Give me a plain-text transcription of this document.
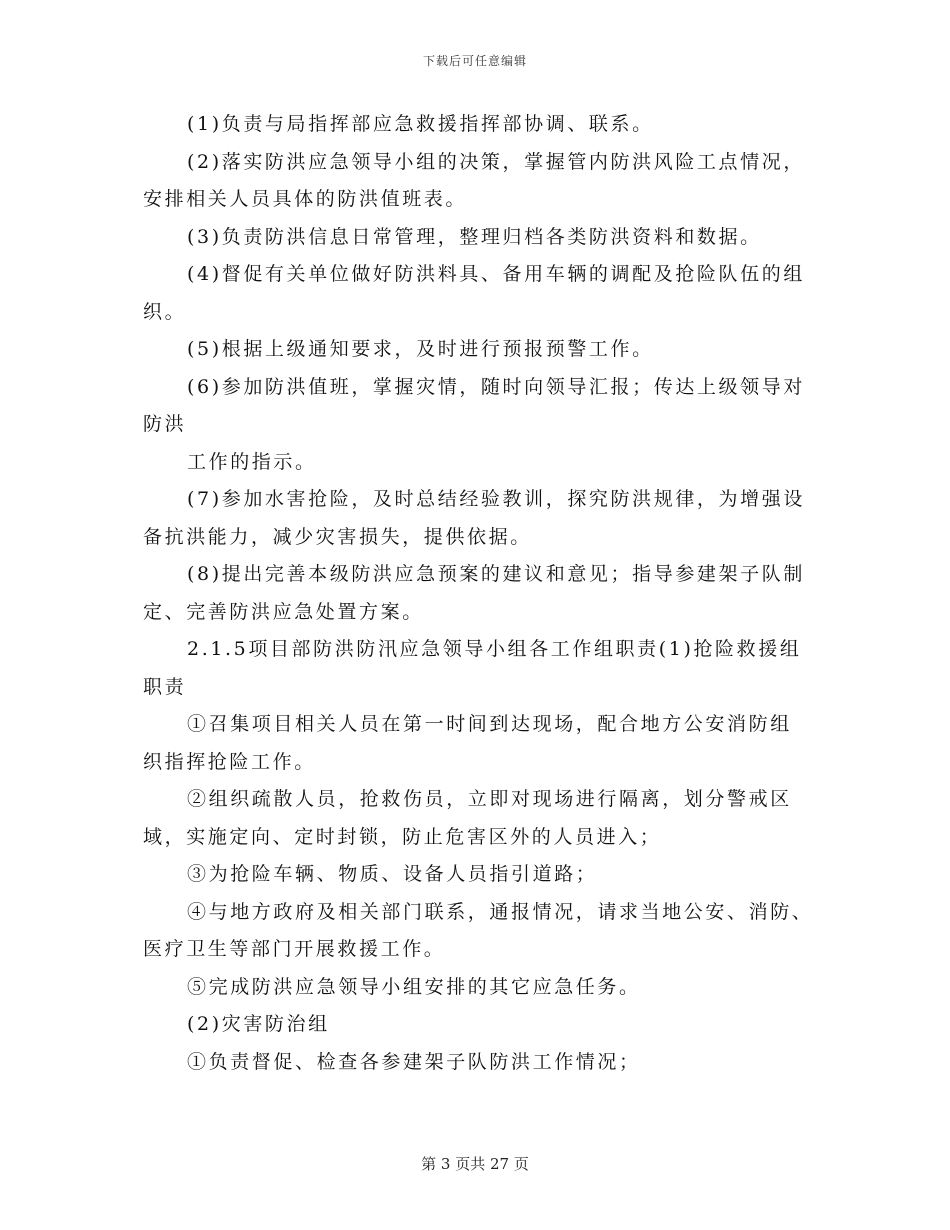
下载后可任意编辑
(1)负责与局指挥部应急救援指挥部协调、联系。
(2)落实防洪应急领导小组的决策，掌握管内防洪风险工点情况，
安排相关人员具体的防洪值班表。
(3)负责防洪信息日常管理，整理归档各类防洪资料和数据。
(4)督促有关单位做好防洪料具、备用车辆的调配及抢险队伍的组
织。
(5)根据上级通知要求，及时进行预报预警工作。
(6)参加防洪值班，掌握灾情，随时向领导汇报；传达上级领导对
防洪
工作的指示。
(7)参加水害抢险，及时总结经验教训，探究防洪规律，为增强设
备抗洪能力，减少灾害损失，提供依据。
(8)提出完善本级防洪应急预案的建议和意见；指导参建架子队制
定、完善防洪应急处置方案。
2.1.5项目部防洪防汛应急领导小组各工作组职责(1)抢险救援组
职责
①召集项目相关人员在第一时间到达现场，配合地方公安消防组
织指挥抢险工作。
②组织疏散人员，抢救伤员，立即对现场进行隔离，划分警戒区
域，实施定向、定时封锁，防止危害区外的人员进入；
③为抢险车辆、物质、设备人员指引道路；
④与地方政府及相关部门联系，通报情况，请求当地公安、消防、
医疗卫生等部门开展救援工作。
⑤完成防洪应急领导小组安排的其它应急任务。
(2)灾害防治组
①负责督促、检查各参建架子队防洪工作情况；
第 3 页共 27 页
